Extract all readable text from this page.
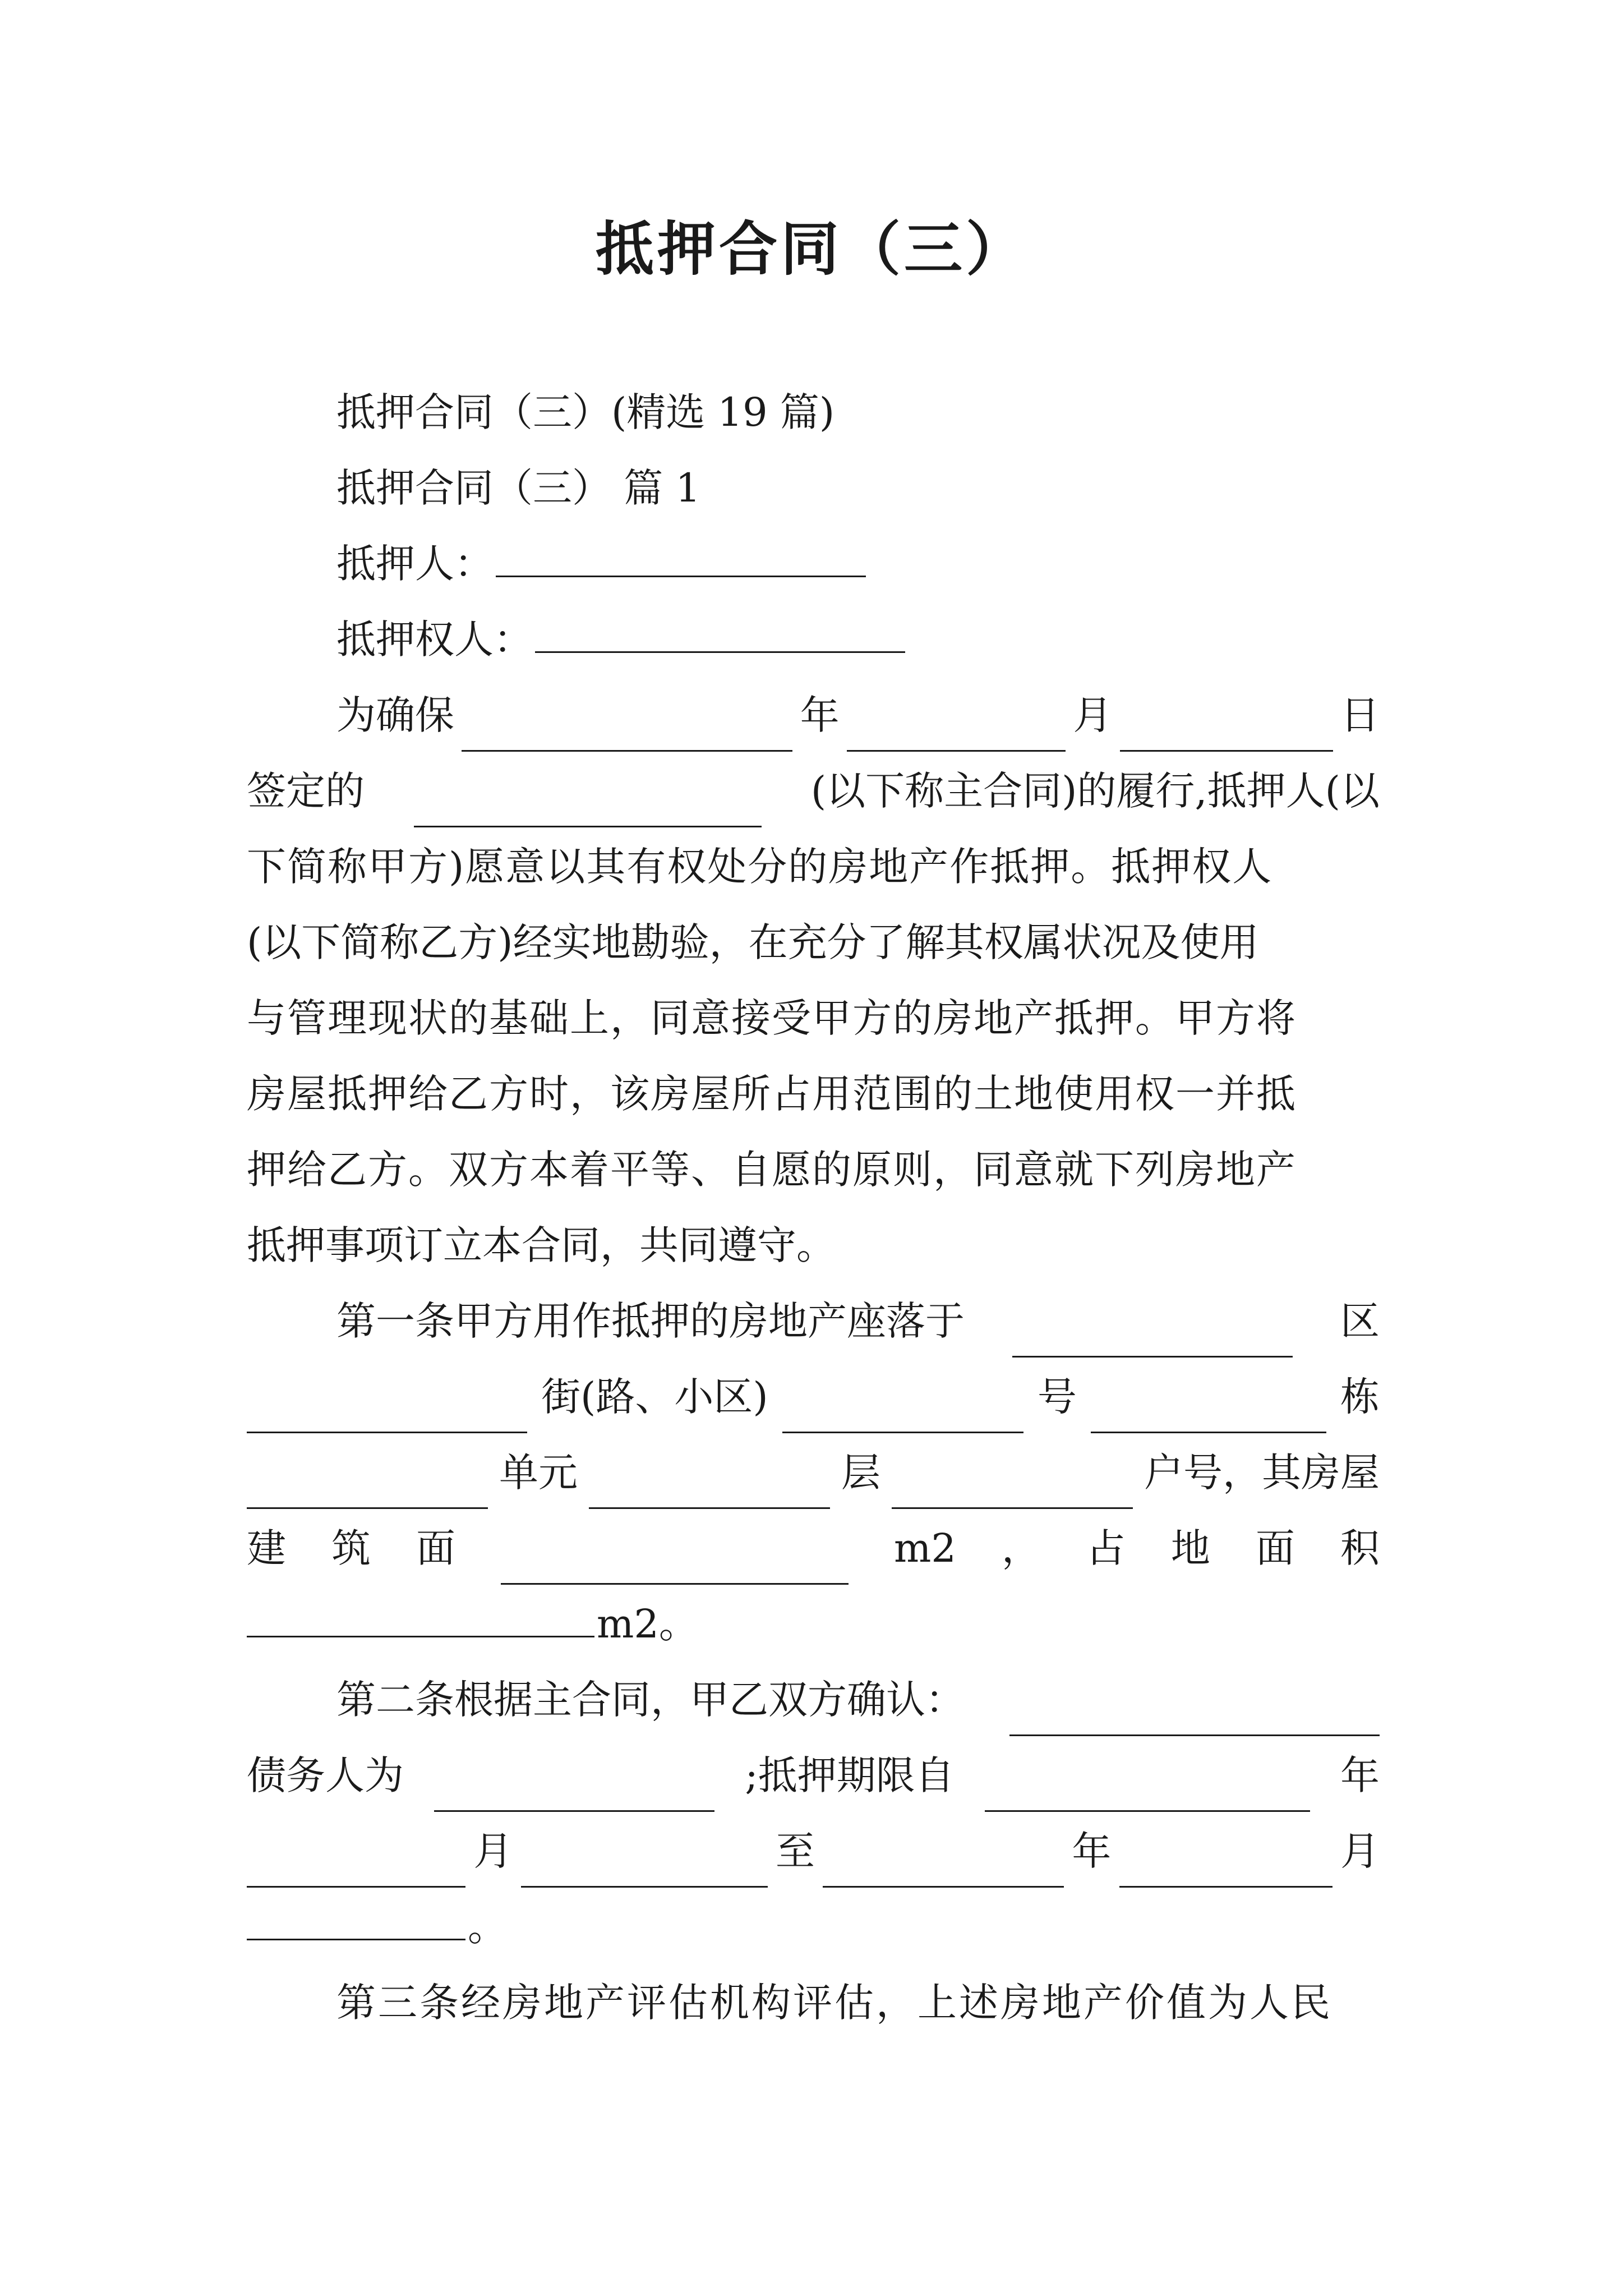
抵押合同（三）
抵押合同（三）(精选 19 篇)
抵押合同（三） 篇 1
抵押人：
抵押权人：
为确保	年	月	日
签定的	(以下称主合同)的履行,抵押人(以
下简称甲方)愿意以其有权处分的房地产作抵押。抵押权人
(以下简称乙方)经实地勘验，在充分了解其权属状况及使用
与管理现状的基础上，同意接受甲方的房地产抵押。甲方将
房屋抵押给乙方时，该房屋所占用范围的土地使用权一并抵
押给乙方。双方本着平等、自愿的原则，同意就下列房地产
抵押事项订立本合同，共同遵守。
第一条甲方用作抵押的房地产座落于	区
街(路、小区)	号	栋
单元	层	户号，其房屋
建 筑 面	m2 ， 占 地 面 积
m2。
第二条根据主合同，甲乙双方确认：
债务人为	;抵押期限自	年
月	至	年	月
。
第三条经房地产评估机构评估，上述房地产价值为人民
